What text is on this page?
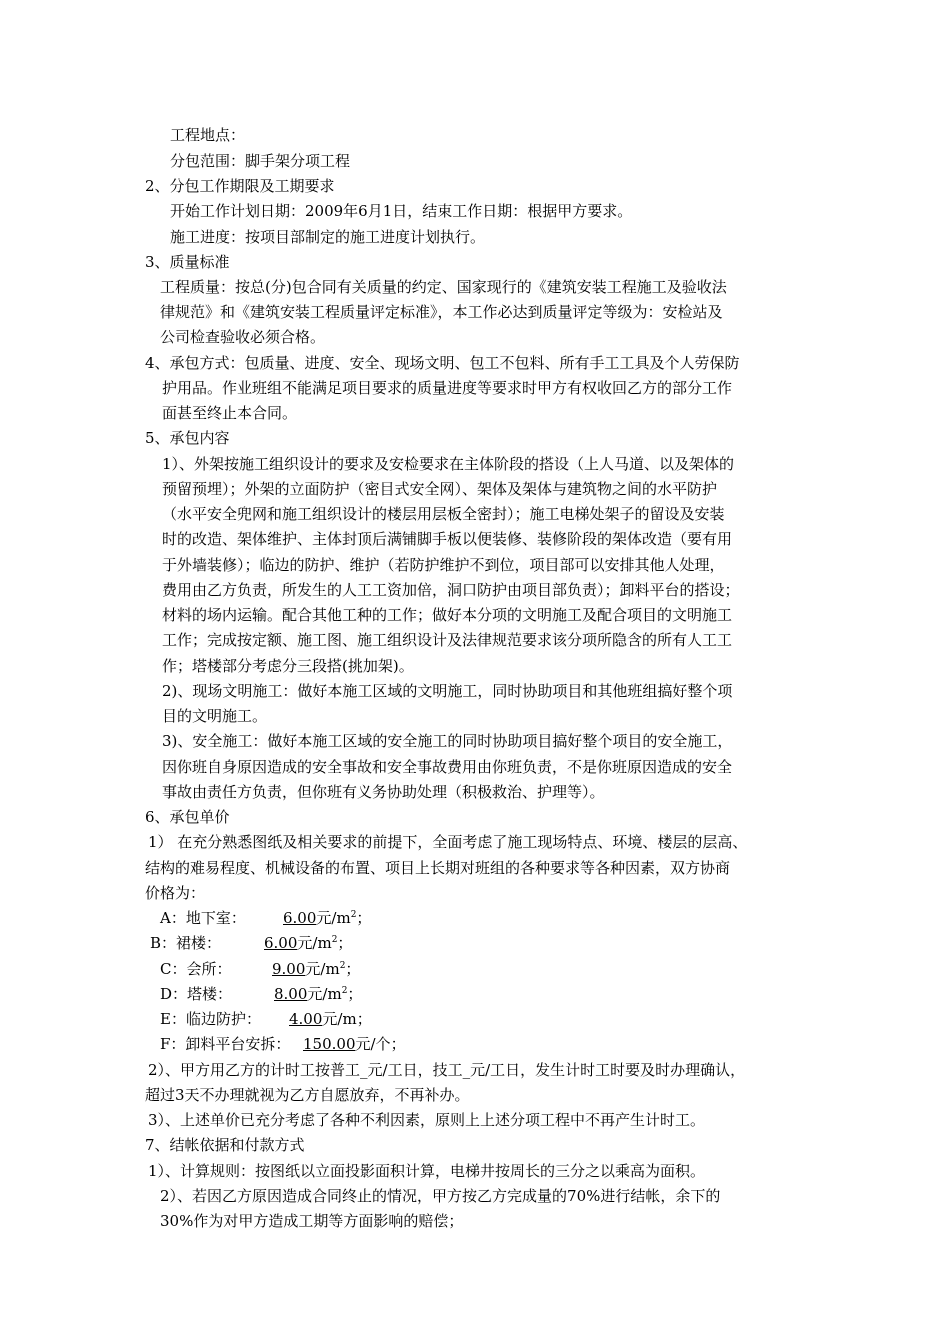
工程地点：
分包范围：脚手架分项工程
2、分包工作期限及工期要求
开始工作计划日期：2009年6月1日，结束工作日期：根据甲方要求。
施工进度：按项目部制定的施工进度计划执行。
3、质量标准
工程质量：按总(分)包合同有关质量的约定、国家现行的《建筑安装工程施工及验收法
律规范》和《建筑安装工程质量评定标准》，本工作必达到质量评定等级为：安检站及
公司检查验收必须合格。
4、承包方式：包质量、进度、安全、现场文明、包工不包料、所有手工工具及个人劳保防
护用品。作业班组不能满足项目要求的质量进度等要求时甲方有权收回乙方的部分工作
面甚至终止本合同。
5、承包内容
1）、外架按施工组织设计的要求及安检要求在主体阶段的搭设（上人马道、以及架体的
预留预埋）；外架的立面防护（密目式安全网）、架体及架体与建筑物之间的水平防护
（水平安全兜网和施工组织设计的楼层用层板全密封）；施工电梯处架子的留设及安装
时的改造、架体维护、主体封顶后满铺脚手板以便装修、装修阶段的架体改造（要有用
于外墙装修）；临边的防护、维护（若防护维护不到位，项目部可以安排其他人处理，
费用由乙方负责，所发生的人工工资加倍，洞口防护由项目部负责）；卸料平台的搭设；
材料的场内运输。配合其他工种的工作；做好本分项的文明施工及配合项目的文明施工
工作；完成按定额、施工图、施工组织设计及法律规范要求该分项所隐含的所有人工工
作；塔楼部分考虑分三段搭(挑加架)。
2)、现场文明施工：做好本施工区域的文明施工，同时协助项目和其他班组搞好整个项
目的文明施工。
3)、安全施工：做好本施工区域的安全施工的同时协助项目搞好整个项目的安全施工，
因你班自身原因造成的安全事故和安全事故费用由你班负责，不是你班原因造成的安全
事故由责任方负责，但你班有义务协助处理（积极救治、护理等）。
6、承包单价
1） 在充分熟悉图纸及相关要求的前提下，全面考虑了施工现场特点、环境、楼层的层高、
结构的难易程度、机械设备的布置、项目上长期对班组的各种要求等各种因素，双方协商
价格为：
2）、甲方用乙方的计时工按普工_元/工日，技工_元/工日，发生计时工时要及时办理确认，
超过3天不办理就视为乙方自愿放弃，不再补办。
3）、上述单价已充分考虑了各种不利因素，原则上上述分项工程中不再产生计时工。
7、结帐依据和付款方式
1）、计算规则：按图纸以立面投影面积计算，电梯井按周长的三分之以乘高为面积。
2）、若因乙方原因造成合同终止的情况，甲方按乙方完成量的70%进行结帐，余下的
30%作为对甲方造成工期等方面影响的赔偿；
A：地下室： 6.00元$/m^2$；
B：裙楼：	6.00元$/m^2$；
C：会所：	9.00元$/m^2$；
D：塔楼：	8.00元$/m^2$；
E：临边防护： 4.00元/m；
F：卸料平台安拆： 150.00元/个；
